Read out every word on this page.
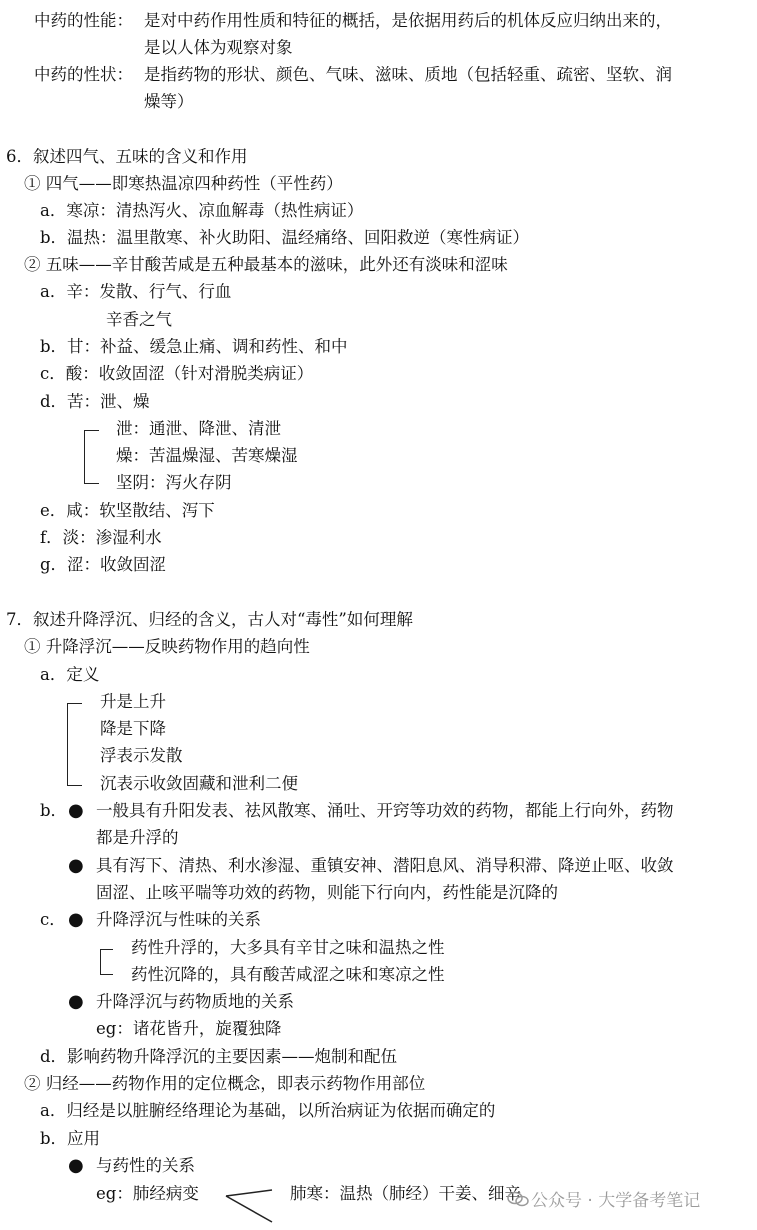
中药的性能： 是对中药作用性质和特征的概括，是依据用药后的机体反应归纳出来的，
是以人体为观察对象
中药的性状： 是指药物的形状、颜色、气味、滋味、质地（包括轻重、疏密、坚软、润
燥等）
6．叙述四气、五味的含义和作用
① 四气——即寒热温凉四种药性（平性药）
a．寒凉：清热泻火、凉血解毒（热性病证）
b．温热：温里散寒、补火助阳、温经痛络、回阳救逆（寒性病证）
② 五味——辛甘酸苦咸是五种最基本的滋味，此外还有淡味和涩味
a．辛：发散、行气、行血
辛香之气
b．甘：补益、缓急止痛、调和药性、和中
c．酸：收敛固涩（针对滑脱类病证）
d．苦：泄、燥
泄：通泄、降泄、清泄
燥：苦温燥湿、苦寒燥湿
坚阴：泻火存阴
e．咸：软坚散结、泻下
f．淡：渗湿利水
g．涩：收敛固涩
7．叙述升降浮沉、归经的含义，古人对“毒性”如何理解
① 升降浮沉——反映药物作用的趋向性
a．定义
升是上升
降是下降
浮表示发散
沉表示收敛固藏和泄利二便
b． ● 一般具有升阳发表、祛风散寒、涌吐、开窍等功效的药物，都能上行向外，药物
都是升浮的
● 具有泻下、清热、利水渗湿、重镇安神、潜阳息风、消导积滞、降逆止呕、收敛
固涩、止咳平喘等功效的药物，则能下行向内，药性能是沉降的
c． ● 升降浮沉与性味的关系
药性升浮的，大多具有辛甘之味和温热之性
药性沉降的，具有酸苦咸涩之味和寒凉之性
● 升降浮沉与药物质地的关系
eg：诸花皆升，旋覆独降
d．影响药物升降浮沉的主要因素——炮制和配伍
② 归经——药物作用的定位概念，即表示药物作用部位
a．归经是以脏腑经络理论为基础，以所治病证为依据而确定的
b．应用
● 与药性的关系
eg：肺经病变	肺寒：温热（肺经）干姜、细辛 公众号 · 大学备考笔记
